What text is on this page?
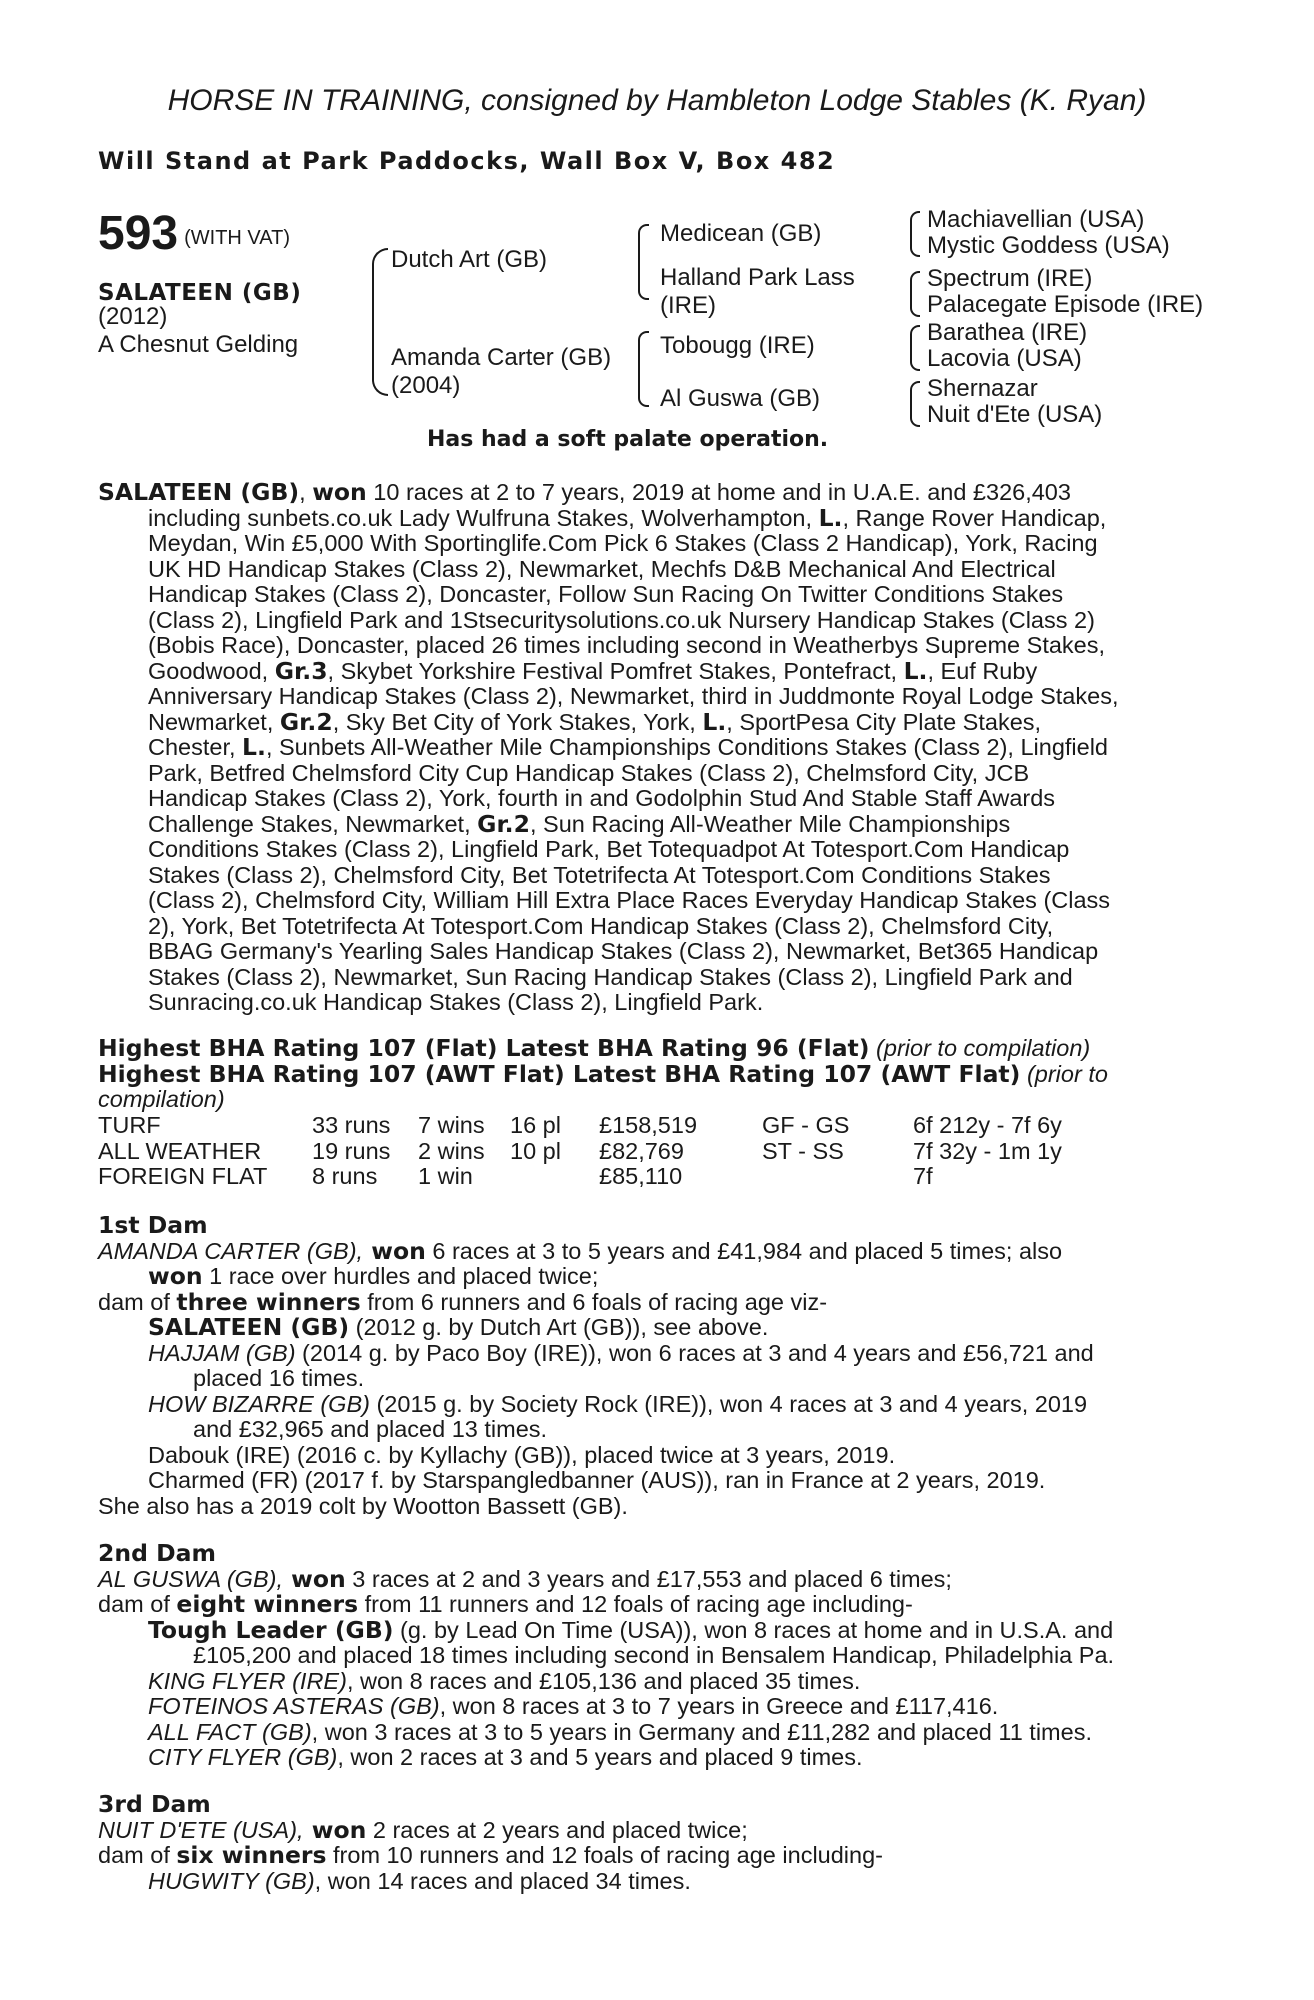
HORSE IN TRAINING, consigned by Hambleton Lodge Stables (K. Ryan)
Will Stand at Park Paddocks, Wall Box V, Box 482
593 (WITH VAT)
SALATEEN (GB)
(2012)
A Chesnut Gelding
Dutch Art (GB)
Amanda Carter (GB)
(2004)
Medicean (GB)
Halland Park Lass
(IRE)
Tobougg (IRE)
Al Guswa (GB)
Machiavellian (USA)
Mystic Goddess (USA)
Spectrum (IRE)
Palacegate Episode (IRE)
Barathea (IRE)
Lacovia (USA)
Shernazar
Nuit d'Ete (USA)
Has had a soft palate operation.
SALATEEN (GB), won 10 races at 2 to 7 years, 2019 at home and in U.A.E. and £326,403
including sunbets.co.uk Lady Wulfruna Stakes, Wolverhampton, L., Range Rover Handicap,
Meydan, Win £5,000 With Sportinglife.Com Pick 6 Stakes (Class 2 Handicap), York, Racing
UK HD Handicap Stakes (Class 2), Newmarket, Mechfs D&B Mechanical And Electrical
Handicap Stakes (Class 2), Doncaster, Follow Sun Racing On Twitter Conditions Stakes
(Class 2), Lingfield Park and 1Stsecuritysolutions.co.uk Nursery Handicap Stakes (Class 2)
(Bobis Race), Doncaster, placed 26 times including second in Weatherbys Supreme Stakes,
Goodwood, Gr.3, Skybet Yorkshire Festival Pomfret Stakes, Pontefract, L., Euf Ruby
Anniversary Handicap Stakes (Class 2), Newmarket, third in Juddmonte Royal Lodge Stakes,
Newmarket, Gr.2, Sky Bet City of York Stakes, York, L., SportPesa City Plate Stakes,
Chester, L., Sunbets All-Weather Mile Championships Conditions Stakes (Class 2), Lingfield
Park, Betfred Chelmsford City Cup Handicap Stakes (Class 2), Chelmsford City, JCB
Handicap Stakes (Class 2), York, fourth in and Godolphin Stud And Stable Staff Awards
Challenge Stakes, Newmarket, Gr.2, Sun Racing All-Weather Mile Championships
Conditions Stakes (Class 2), Lingfield Park, Bet Totequadpot At Totesport.Com Handicap
Stakes (Class 2), Chelmsford City, Bet Totetrifecta At Totesport.Com Conditions Stakes
(Class 2), Chelmsford City, William Hill Extra Place Races Everyday Handicap Stakes (Class
2), York, Bet Totetrifecta At Totesport.Com Handicap Stakes (Class 2), Chelmsford City,
BBAG Germany's Yearling Sales Handicap Stakes (Class 2), Newmarket, Bet365 Handicap
Stakes (Class 2), Newmarket, Sun Racing Handicap Stakes (Class 2), Lingfield Park and
Sunracing.co.uk Handicap Stakes (Class 2), Lingfield Park.
Highest BHA Rating 107 (Flat) Latest BHA Rating 96 (Flat) (prior to compilation)
Highest BHA Rating 107 (AWT Flat) Latest BHA Rating 107 (AWT Flat) (prior to
compilation)
TURF	33 runs 7 wins 16 pl £158,519	GF - GS	6f 212y - 7f 6y
ALL WEATHER 19 runs 2 wins 10 pl £82,769	ST - SS	7f 32y - 1m 1y
FOREIGN FLAT 8 runs 1 win	£85,110	7f
1st Dam
AMANDA CARTER (GB), won 6 races at 3 to 5 years and £41,984 and placed 5 times; also
won 1 race over hurdles and placed twice;
dam of three winners from 6 runners and 6 foals of racing age viz-
SALATEEN (GB) (2012 g. by Dutch Art (GB)), see above.
HAJJAM (GB) (2014 g. by Paco Boy (IRE)), won 6 races at 3 and 4 years and £56,721 and
placed 16 times.
HOW BIZARRE (GB) (2015 g. by Society Rock (IRE)), won 4 races at 3 and 4 years, 2019
and £32,965 and placed 13 times.
Dabouk (IRE) (2016 c. by Kyllachy (GB)), placed twice at 3 years, 2019.
Charmed (FR) (2017 f. by Starspangledbanner (AUS)), ran in France at 2 years, 2019.
She also has a 2019 colt by Wootton Bassett (GB).
2nd Dam
AL GUSWA (GB), won 3 races at 2 and 3 years and £17,553 and placed 6 times;
dam of eight winners from 11 runners and 12 foals of racing age including-
Tough Leader (GB) (g. by Lead On Time (USA)), won 8 races at home and in U.S.A. and
£105,200 and placed 18 times including second in Bensalem Handicap, Philadelphia Pa.
KING FLYER (IRE), won 8 races and £105,136 and placed 35 times.
FOTEINOS ASTERAS (GB), won 8 races at 3 to 7 years in Greece and £117,416.
ALL FACT (GB), won 3 races at 3 to 5 years in Germany and £11,282 and placed 11 times.
CITY FLYER (GB), won 2 races at 3 and 5 years and placed 9 times.
3rd Dam
NUIT D'ETE (USA), won 2 races at 2 years and placed twice;
dam of six winners from 10 runners and 12 foals of racing age including-
HUGWITY (GB), won 14 races and placed 34 times.
